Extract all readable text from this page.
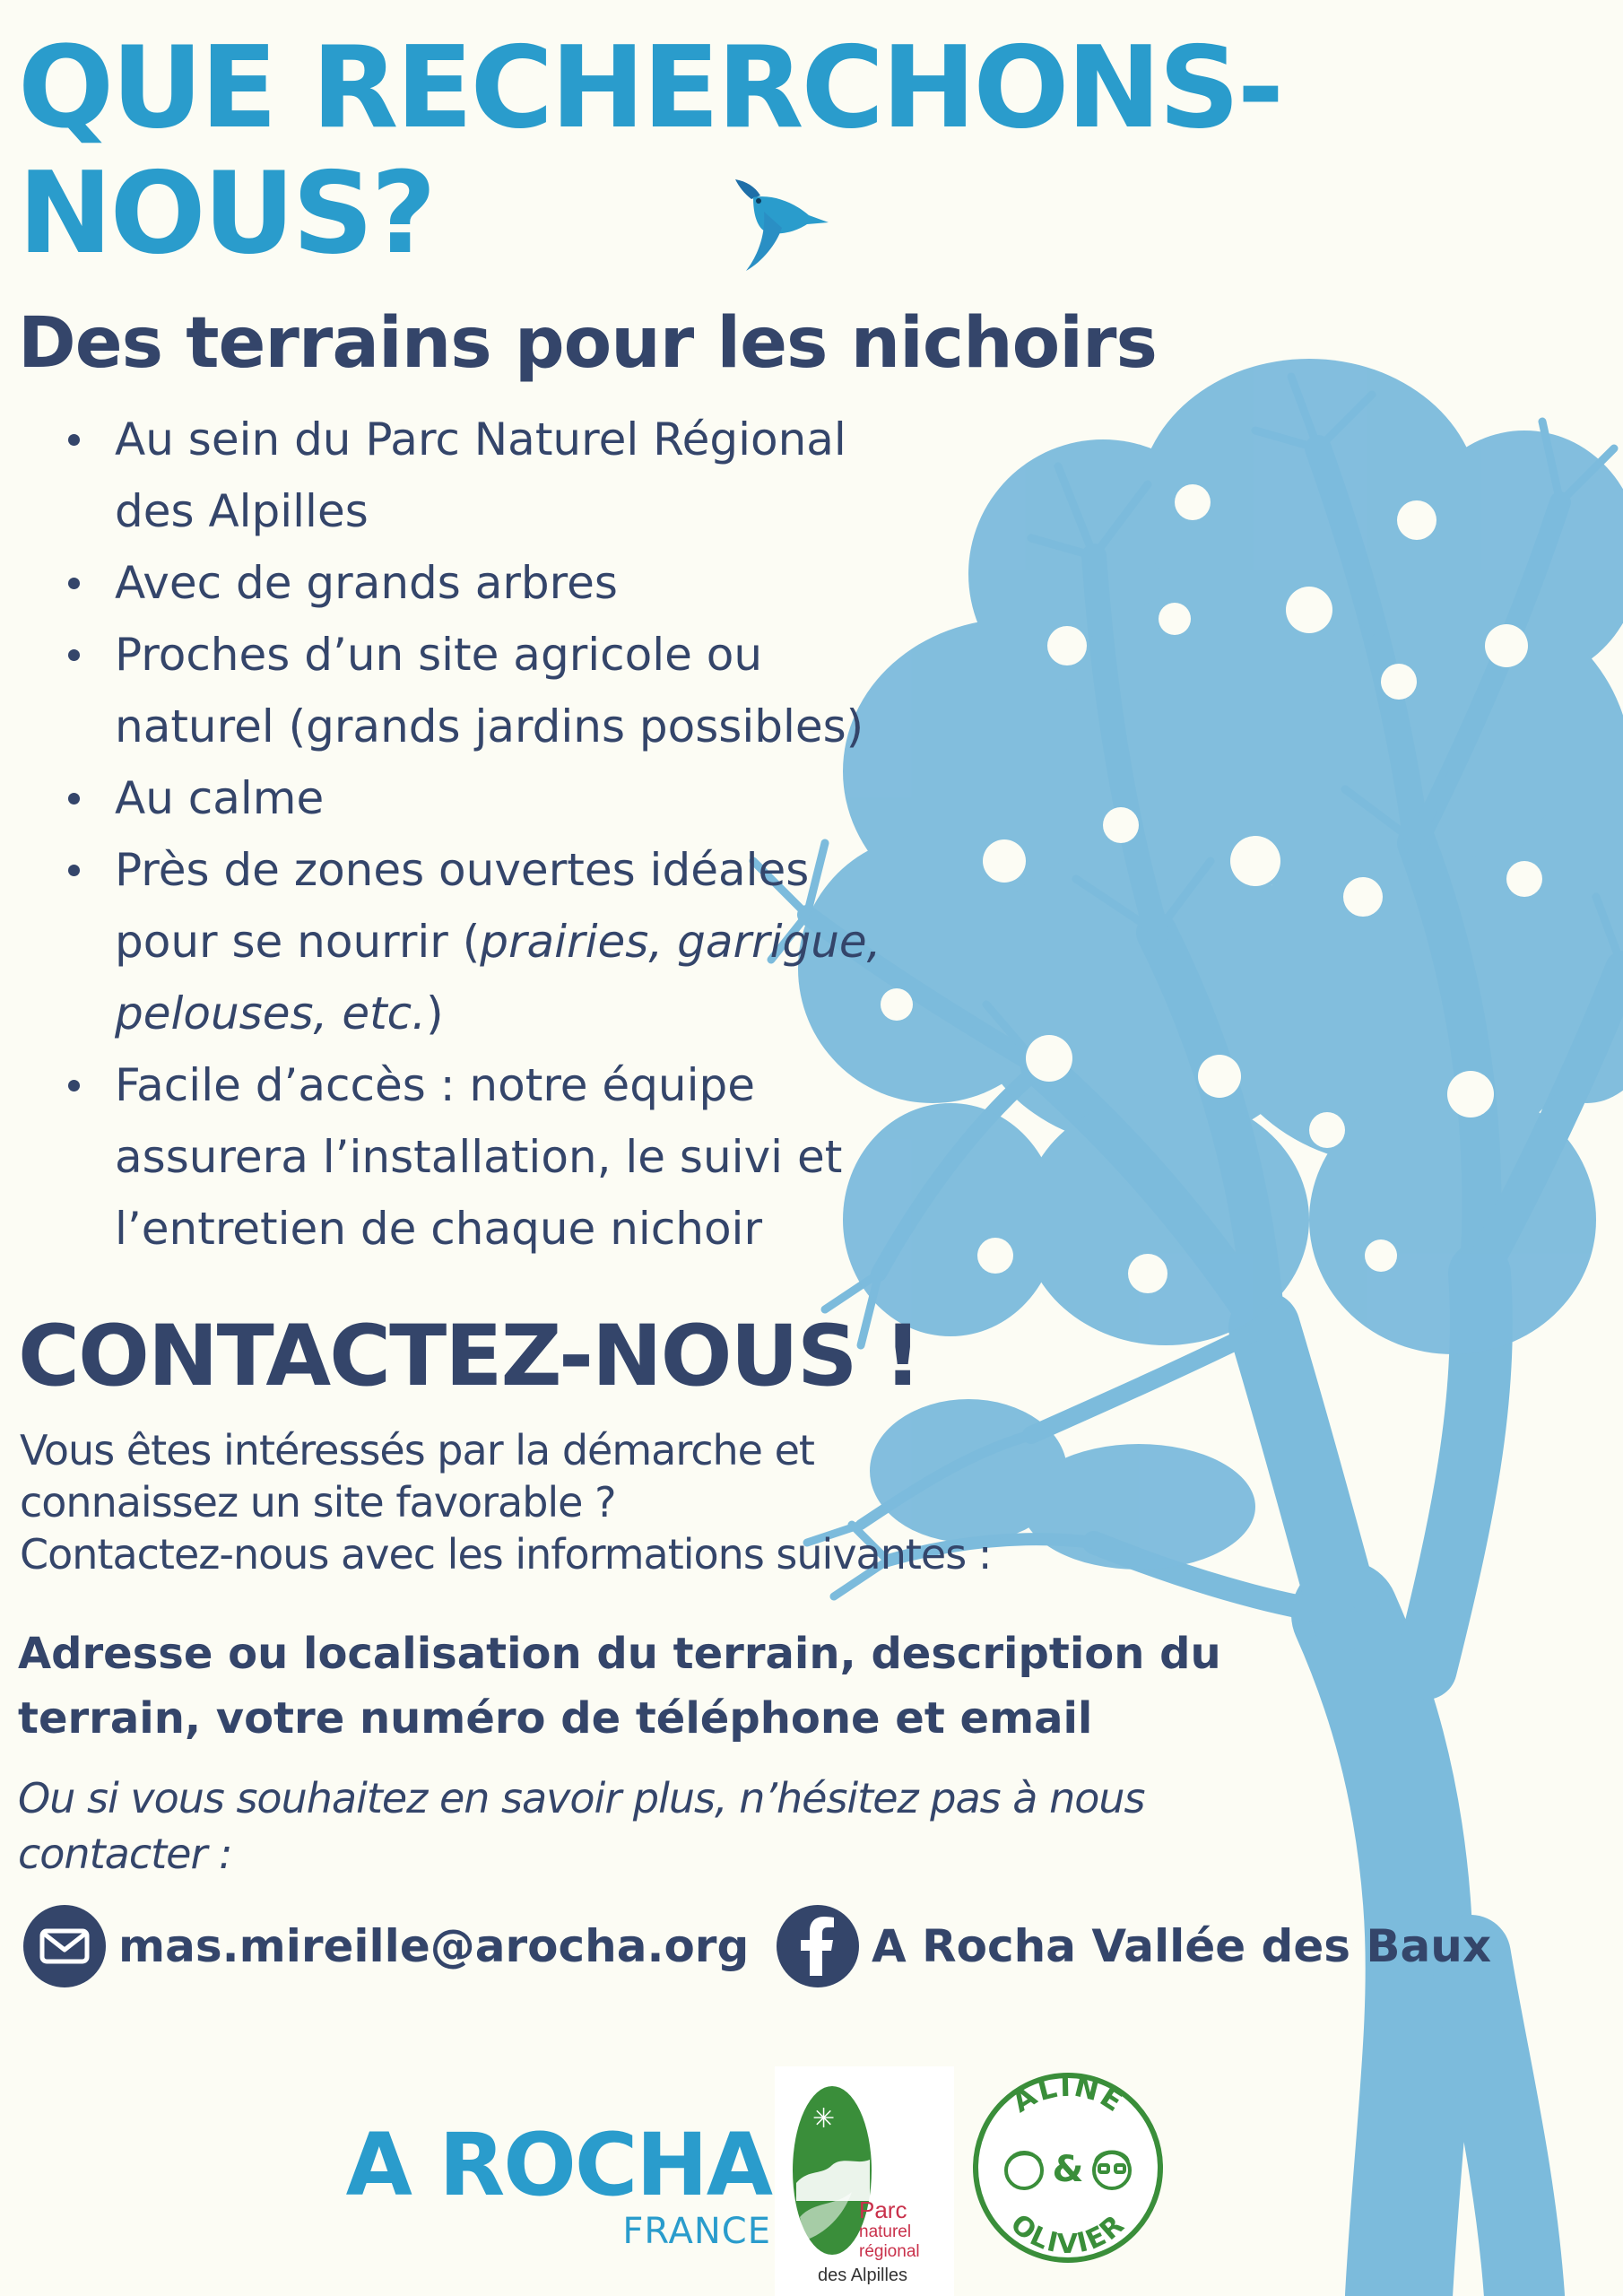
QUE RECHERCHONS-
NOUS?
Des terrains pour les nichoirs
Au sein du Parc Naturel Régional
des Alpilles
Avec de grands arbres
Proches d’un site agricole ou
naturel (grands jardins possibles)
Au calme
Près de zones ouvertes idéales
pour se nourrir (prairies, garrigue,
pelouses, etc.)
Facile d’accès : notre équipe
assurera l’installation, le suivi et
l’entretien de chaque nichoir
CONTACTEZ-NOUS !

Vous êtes intéressés par la démarche et
connaissez un site favorable ?
Contactez-nous avec les informations suivantes :

Adresse ou localisation du terrain, description du terrain, votre numéro de téléphone et email

Ou si vous souhaitez en savoir plus, n’hésitez pas à nous contacter :

mas.mireille@arocha.org	A Rocha Vallée des Baux
A ROCHA
FRANCE
✳
Parc
naturel
régional
des Alpilles
ALINE
OLIVIER
&
